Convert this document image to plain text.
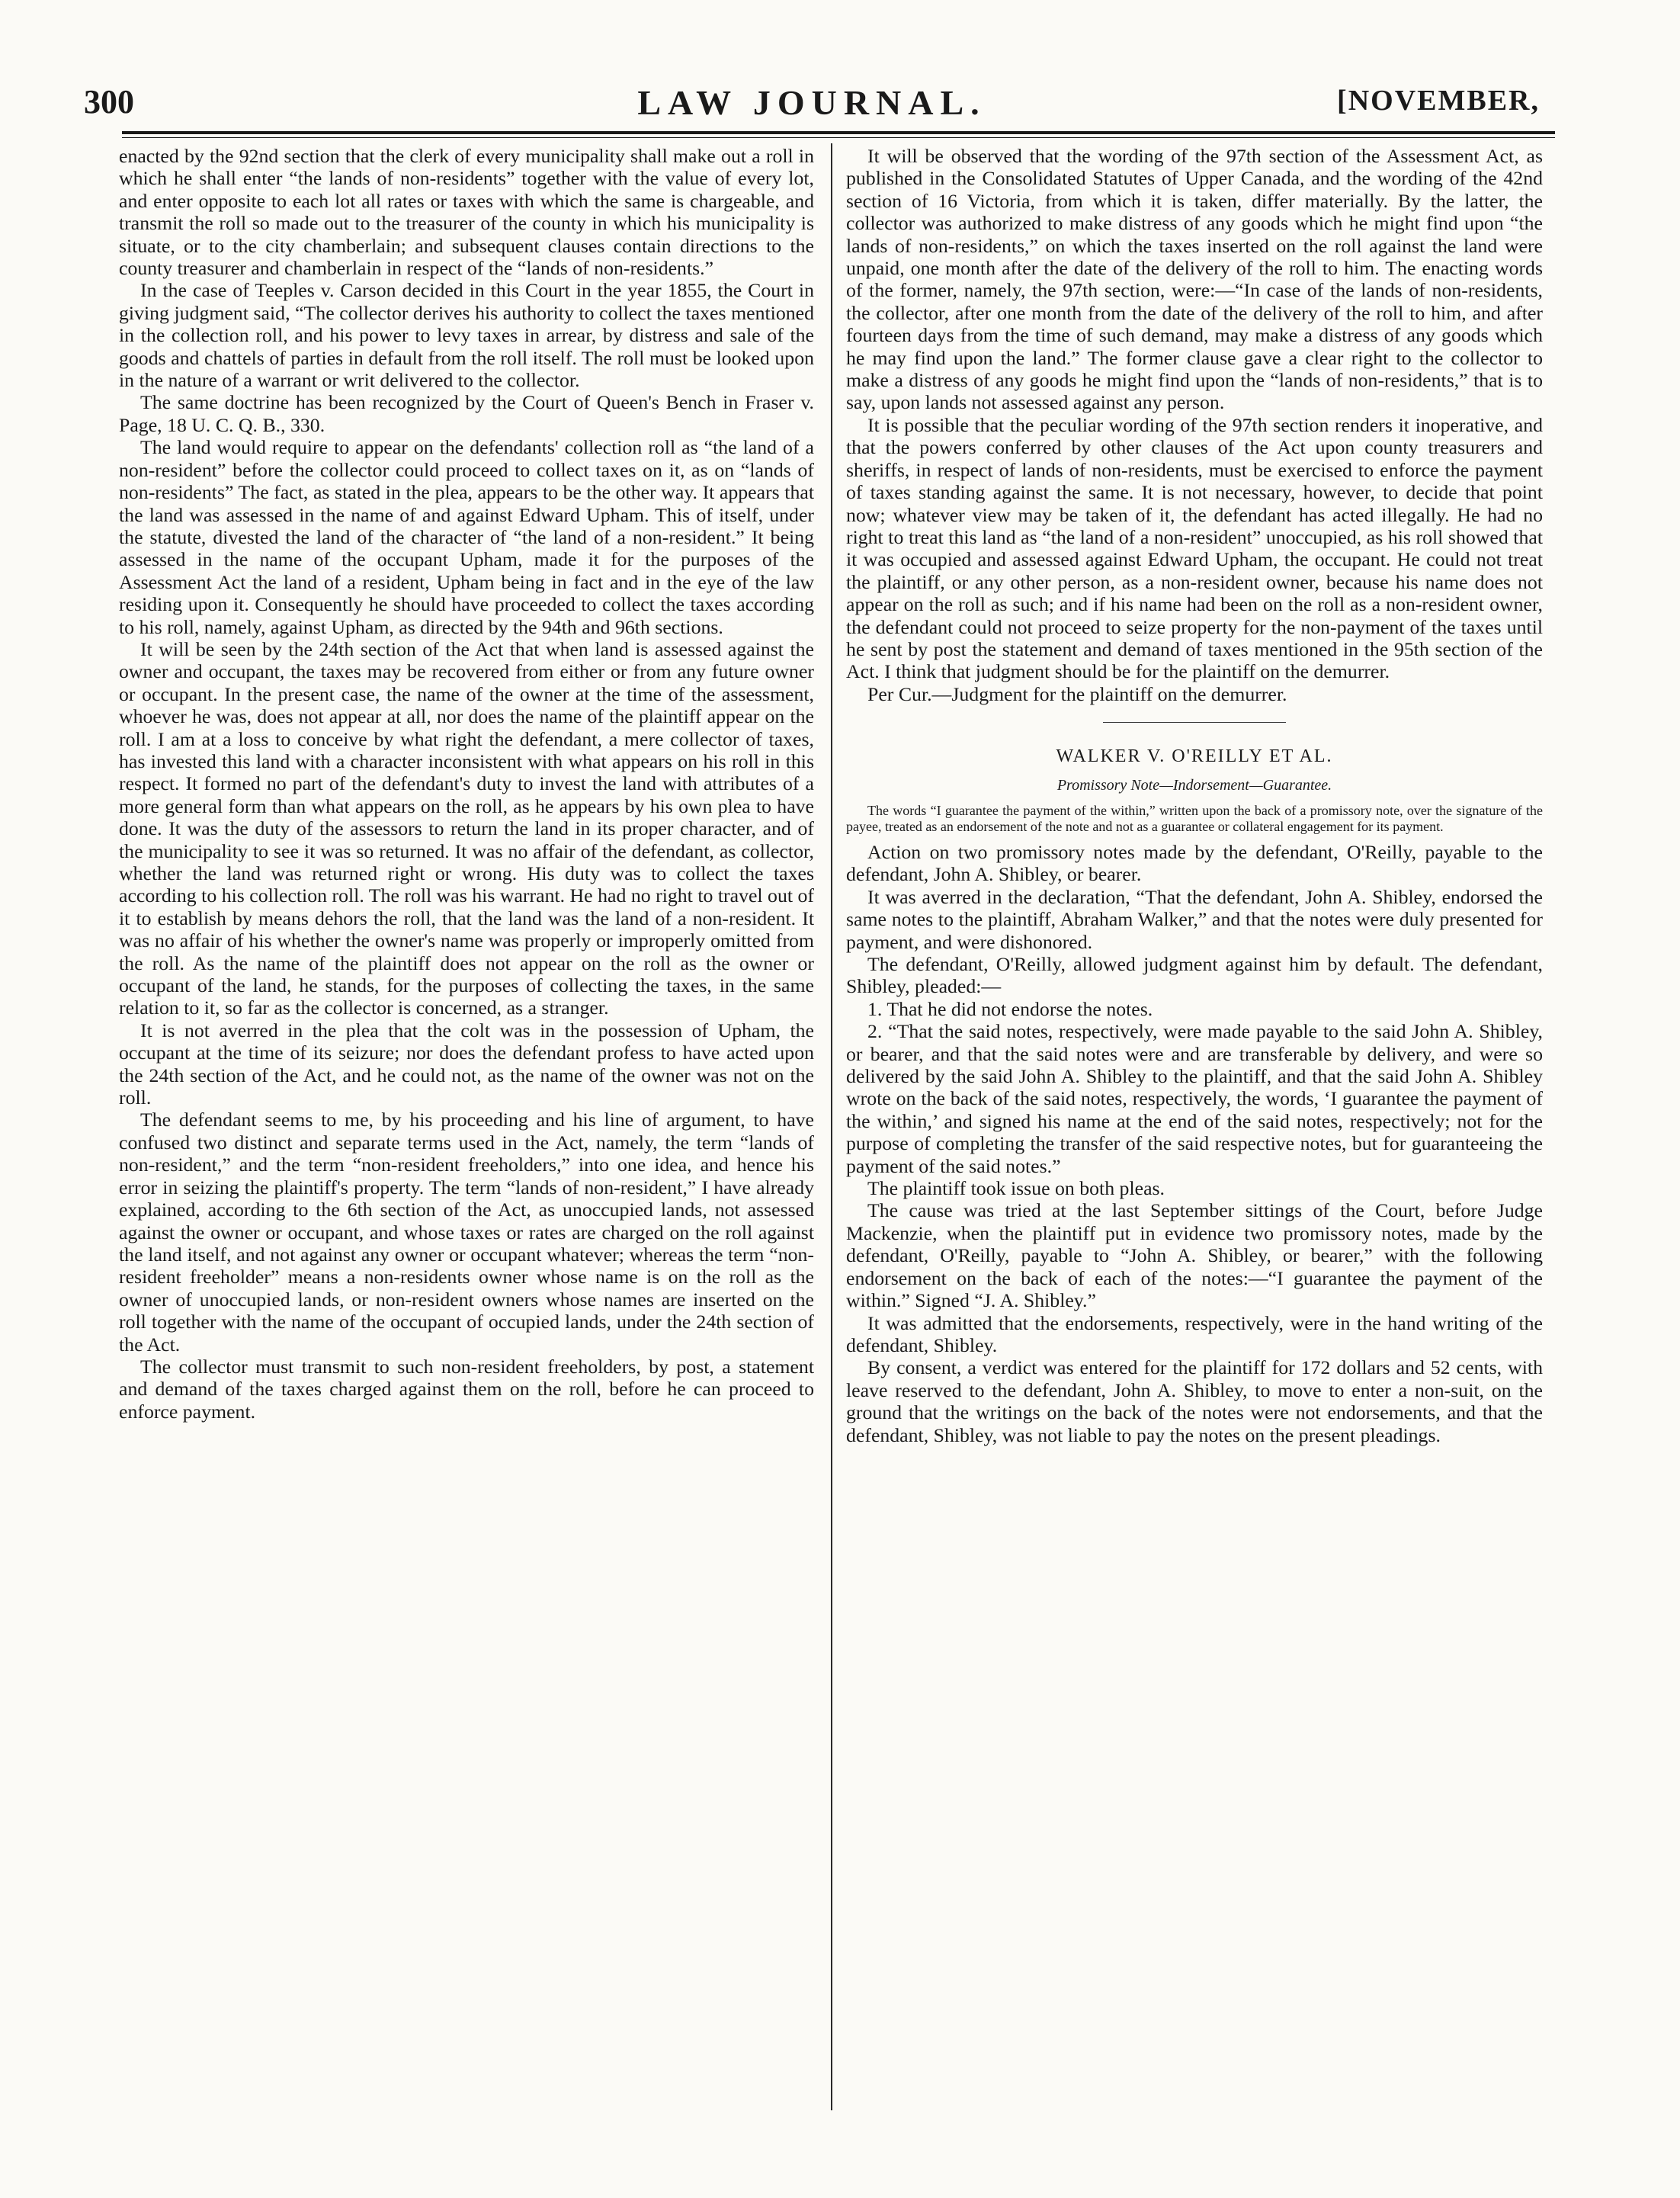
300	LAW JOURNAL.	[NOVEMBER,

enacted by the 92nd section that the clerk of every municipality shall make out a roll in which he shall enter “the lands of non-residents” together with the value of every lot, and enter opposite to each lot all rates or taxes with which the same is chargeable, and transmit the roll so made out to the treasurer of the county in which his municipality is situate, or to the city chamberlain; and subsequent clauses contain directions to the county treasurer and chamberlain in respect of the “lands of non-residents.”

In the case of Teeples v. Carson decided in this Court in the year 1855, the Court in giving judgment said, “The collector derives his authority to collect the taxes mentioned in the collection roll, and his power to levy taxes in arrear, by distress and sale of the goods and chattels of parties in default from the roll itself. The roll must be looked upon in the nature of a warrant or writ delivered to the collector.

The same doctrine has been recognized by the Court of Queen's Bench in Fraser v. Page, 18 U. C. Q. B., 330.

The land would require to appear on the defendants' collection roll as “the land of a non-resident” before the collector could proceed to collect taxes on it, as on “lands of non-residents” The fact, as stated in the plea, appears to be the other way. It appears that the land was assessed in the name of and against Edward Upham. This of itself, under the statute, divested the land of the character of “the land of a non-resident.” It being assessed in the name of the occupant Upham, made it for the purposes of the Assessment Act the land of a resident, Upham being in fact and in the eye of the law residing upon it. Consequently he should have proceeded to collect the taxes according to his roll, namely, against Upham, as directed by the 94th and 96th sections.

It will be seen by the 24th section of the Act that when land is assessed against the owner and occupant, the taxes may be recovered from either or from any future owner or occupant. In the present case, the name of the owner at the time of the assessment, whoever he was, does not appear at all, nor does the name of the plaintiff appear on the roll. I am at a loss to conceive by what right the defendant, a mere collector of taxes, has invested this land with a character inconsistent with what appears on his roll in this respect. It formed no part of the defendant's duty to invest the land with attributes of a more general form than what appears on the roll, as he appears by his own plea to have done. It was the duty of the assessors to return the land in its proper character, and of the municipality to see it was so returned. It was no affair of the defendant, as collector, whether the land was returned right or wrong. His duty was to collect the taxes according to his collection roll. The roll was his warrant. He had no right to travel out of it to establish by means dehors the roll, that the land was the land of a non-resident. It was no affair of his whether the owner's name was properly or improperly omitted from the roll. As the name of the plaintiff does not appear on the roll as the owner or occupant of the land, he stands, for the purposes of collecting the taxes, in the same relation to it, so far as the collector is concerned, as a stranger.

It is not averred in the plea that the colt was in the possession of Upham, the occupant at the time of its seizure; nor does the defendant profess to have acted upon the 24th section of the Act, and he could not, as the name of the owner was not on the roll.

The defendant seems to me, by his proceeding and his line of argument, to have confused two distinct and separate terms used in the Act, namely, the term “lands of non-resident,” and the term “non-resident freeholders,” into one idea, and hence his error in seizing the plaintiff's property. The term “lands of non-resident,” I have already explained, according to the 6th section of the Act, as unoccupied lands, not assessed against the owner or occupant, and whose taxes or rates are charged on the roll against the land itself, and not against any owner or occupant whatever; whereas the term “non-resident freeholder” means a non-residents owner whose name is on the roll as the owner of unoccupied lands, or non-resident owners whose names are inserted on the roll together with the name of the occupant of occupied lands, under the 24th section of the Act.

The collector must transmit to such non-resident freeholders, by post, a statement and demand of the taxes charged against them on the roll, before he can proceed to enforce payment.

It will be observed that the wording of the 97th section of the Assessment Act, as published in the Consolidated Statutes of Upper Canada, and the wording of the 42nd section of 16 Victoria, from which it is taken, differ materially. By the latter, the collector was authorized to make distress of any goods which he might find upon “the lands of non-residents,” on which the taxes inserted on the roll against the land were unpaid, one month after the date of the delivery of the roll to him. The enacting words of the former, namely, the 97th section, were:—“In case of the lands of non-residents, the collector, after one month from the date of the delivery of the roll to him, and after fourteen days from the time of such demand, may make a distress of any goods which he may find upon the land.” The former clause gave a clear right to the collector to make a distress of any goods he might find upon the “lands of non-residents,” that is to say, upon lands not assessed against any person.

It is possible that the peculiar wording of the 97th section renders it inoperative, and that the powers conferred by other clauses of the Act upon county treasurers and sheriffs, in respect of lands of non-residents, must be exercised to enforce the payment of taxes standing against the same. It is not necessary, however, to decide that point now; whatever view may be taken of it, the defendant has acted illegally. He had no right to treat this land as “the land of a non-resident” unoccupied, as his roll showed that it was occupied and assessed against Edward Upham, the occupant. He could not treat the plaintiff, or any other person, as a non-resident owner, because his name does not appear on the roll as such; and if his name had been on the roll as a non-resident owner, the defendant could not proceed to seize property for the non-payment of the taxes until he sent by post the statement and demand of taxes mentioned in the 95th section of the Act. I think that judgment should be for the plaintiff on the demurrer.

Per Cur.—Judgment for the plaintiff on the demurrer.

WALKER V. O'REILLY ET AL.

Promissory Note—Indorsement—Guarantee.

The words “I guarantee the payment of the within,” written upon the back of a promissory note, over the signature of the payee, treated as an endorsement of the note and not as a guarantee or collateral engagement for its payment.

Action on two promissory notes made by the defendant, O'Reilly, payable to the defendant, John A. Shibley, or bearer.

It was averred in the declaration, “That the defendant, John A. Shibley, endorsed the same notes to the plaintiff, Abraham Walker,” and that the notes were duly presented for payment, and were dishonored.

The defendant, O'Reilly, allowed judgment against him by default. The defendant, Shibley, pleaded:—

1. That he did not endorse the notes.

2. “That the said notes, respectively, were made payable to the said John A. Shibley, or bearer, and that the said notes were and are transferable by delivery, and were so delivered by the said John A. Shibley to the plaintiff, and that the said John A. Shibley wrote on the back of the said notes, respectively, the words, ‘I guarantee the payment of the within,’ and signed his name at the end of the said notes, respectively; not for the purpose of completing the transfer of the said respective notes, but for guaranteeing the payment of the said notes.”

The plaintiff took issue on both pleas.

The cause was tried at the last September sittings of the Court, before Judge Mackenzie, when the plaintiff put in evidence two promissory notes, made by the defendant, O'Reilly, payable to “John A. Shibley, or bearer,” with the following endorsement on the back of each of the notes:—“I guarantee the payment of the within.” Signed “J. A. Shibley.”

It was admitted that the endorsements, respectively, were in the hand writing of the defendant, Shibley.

By consent, a verdict was entered for the plaintiff for 172 dollars and 52 cents, with leave reserved to the defendant, John A. Shibley, to move to enter a non-suit, on the ground that the writings on the back of the notes were not endorsements, and that the defendant, Shibley, was not liable to pay the notes on the present pleadings.
